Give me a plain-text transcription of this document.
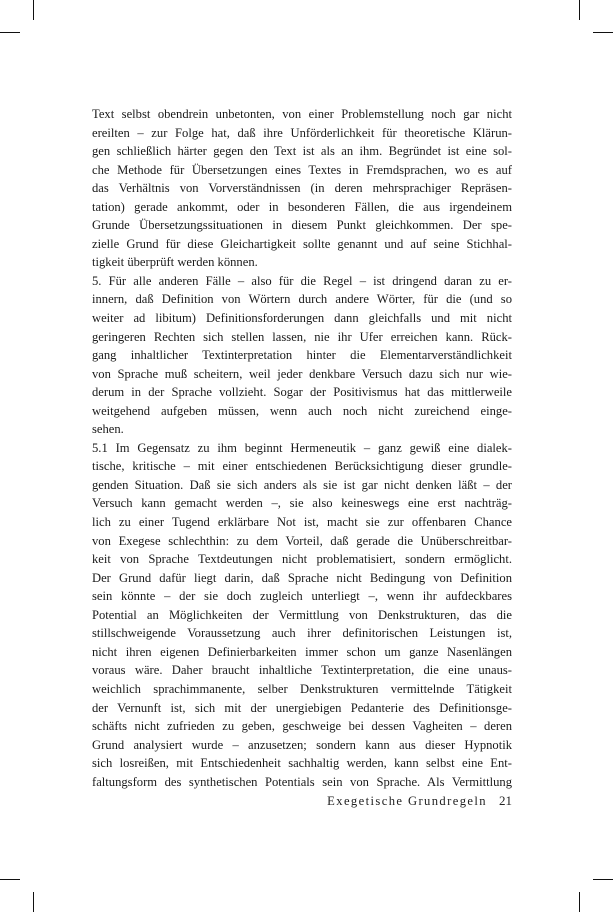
Text selbst obendrein unbetonten, von einer Problemstellung noch gar nicht
ereilten – zur Folge hat, daß ihre Unförderlichkeit für theoretische Klärun-
gen schließlich härter gegen den Text ist als an ihm. Begründet ist eine sol-
che Methode für Übersetzungen eines Textes in Fremdsprachen, wo es auf
das Verhältnis von Vorverständnissen (in deren mehrsprachiger Repräsen-
tation) gerade ankommt, oder in besonderen Fällen, die aus irgendeinem
Grunde Übersetzungssituationen in diesem Punkt gleichkommen. Der spe-
zielle Grund für diese Gleichartigkeit sollte genannt und auf seine Stichhal-
tigkeit überprüft werden können.
5. Für alle anderen Fälle – also für die Regel – ist dringend daran zu er-
innern, daß Definition von Wörtern durch andere Wörter, für die (und so
weiter ad libitum) Definitionsforderungen dann gleichfalls und mit nicht
geringeren Rechten sich stellen lassen, nie ihr Ufer erreichen kann. Rück-
gang inhaltlicher Textinterpretation hinter die Elementarverständlichkeit
von Sprache muß scheitern, weil jeder denkbare Versuch dazu sich nur wie-
derum in der Sprache vollzieht. Sogar der Positivismus hat das mittlerweile
weitgehend aufgeben müssen, wenn auch noch nicht zureichend einge-
sehen.
5.1 Im Gegensatz zu ihm beginnt Hermeneutik – ganz gewiß eine dialek-
tische, kritische – mit einer entschiedenen Berücksichtigung dieser grundle-
genden Situation. Daß sie sich anders als sie ist gar nicht denken läßt – der
Versuch kann gemacht werden –, sie also keineswegs eine erst nachträg-
lich zu einer Tugend erklärbare Not ist, macht sie zur offenbaren Chance
von Exegese schlechthin: zu dem Vorteil, daß gerade die Unüberschreitbar-
keit von Sprache Textdeutungen nicht problematisiert, sondern ermöglicht.
Der Grund dafür liegt darin, daß Sprache nicht Bedingung von Definition
sein könnte – der sie doch zugleich unterliegt –, wenn ihr aufdeckbares
Potential an Möglichkeiten der Vermittlung von Denkstrukturen, das die
stillschweigende Voraussetzung auch ihrer definitorischen Leistungen ist,
nicht ihren eigenen Definierbarkeiten immer schon um ganze Nasenlängen
voraus wäre. Daher braucht inhaltliche Textinterpretation, die eine unaus-
weichlich sprachimmanente, selber Denkstrukturen vermittelnde Tätigkeit
der Vernunft ist, sich mit der unergiebigen Pedanterie des Definitionsge-
schäfts nicht zufrieden zu geben, geschweige bei dessen Vagheiten – deren
Grund analysiert wurde – anzusetzen; sondern kann aus dieser Hypnotik
sich losreißen, mit Entschiedenheit sachhaltig werden, kann selbst eine Ent-
faltungsform des synthetischen Potentials sein von Sprache. Als Vermittlung
Exegetische Grundregeln 21
